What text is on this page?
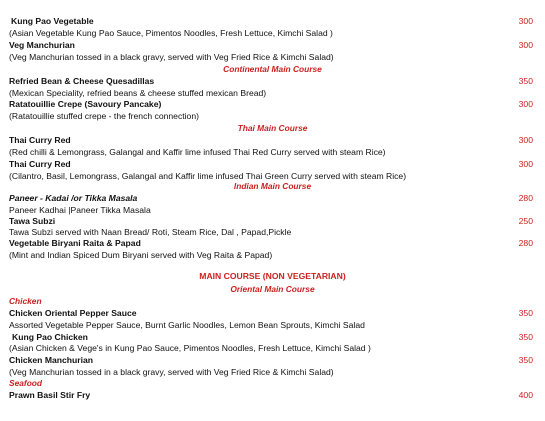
Kung Pao Vegetable	300
(Asian Vegetable Kung Pao Sauce, Pimentos Noodles, Fresh Lettuce, Kimchi Salad )
Veg Manchurian	300
(Veg Manchurian tossed in a black gravy, served with Veg Fried Rice & Kimchi Salad)
Continental Main Course
Refried Bean & Cheese Quesadillas	350
(Mexican Speciality, refried beans & cheese stuffed mexican Bread)
Ratatouillie Crepe (Savoury Pancake)	300
(Ratatouillie stuffed crepe - the french connection)
Thai Main Course
Thai Curry Red	300
(Red chilli & Lemongrass, Galangal and Kaffir lime infused Thai Red Curry served with steam Rice)
Thai Curry Red	300
(Cilantro, Basil, Lemongrass, Galangal and Kaffir lime infused Thai Green Curry served with steam Rice)
Indian Main Course
Paneer - Kadai /or Tikka Masala	280
Paneer Kadhai |Paneer Tikka Masala
Tawa Subzi	250
Tawa Subzi served with Naan Bread/ Roti, Steam Rice, Dal , Papad,Pickle
Vegetable Biryani Raita & Papad	280
(Mint and Indian Spiced Dum Biryani served with Veg Raita & Papad)
MAIN COURSE (NON VEGETARIAN)
Oriental Main Course
Chicken
Chicken Oriental Pepper Sauce	350
Assorted Vegetable Pepper Sauce, Burnt Garlic Noodles, Lemon Bean Sprouts, Kimchi Salad
Kung Pao Chicken	350
(Asian Chicken & Vege's in Kung Pao Sauce, Pimentos Noodles, Fresh Lettuce, Kimchi Salad )
Chicken Manchurian	350
(Veg Manchurian tossed in a black gravy, served with Veg Fried Rice & Kimchi Salad)
Seafood
Prawn Basil Stir Fry	400
